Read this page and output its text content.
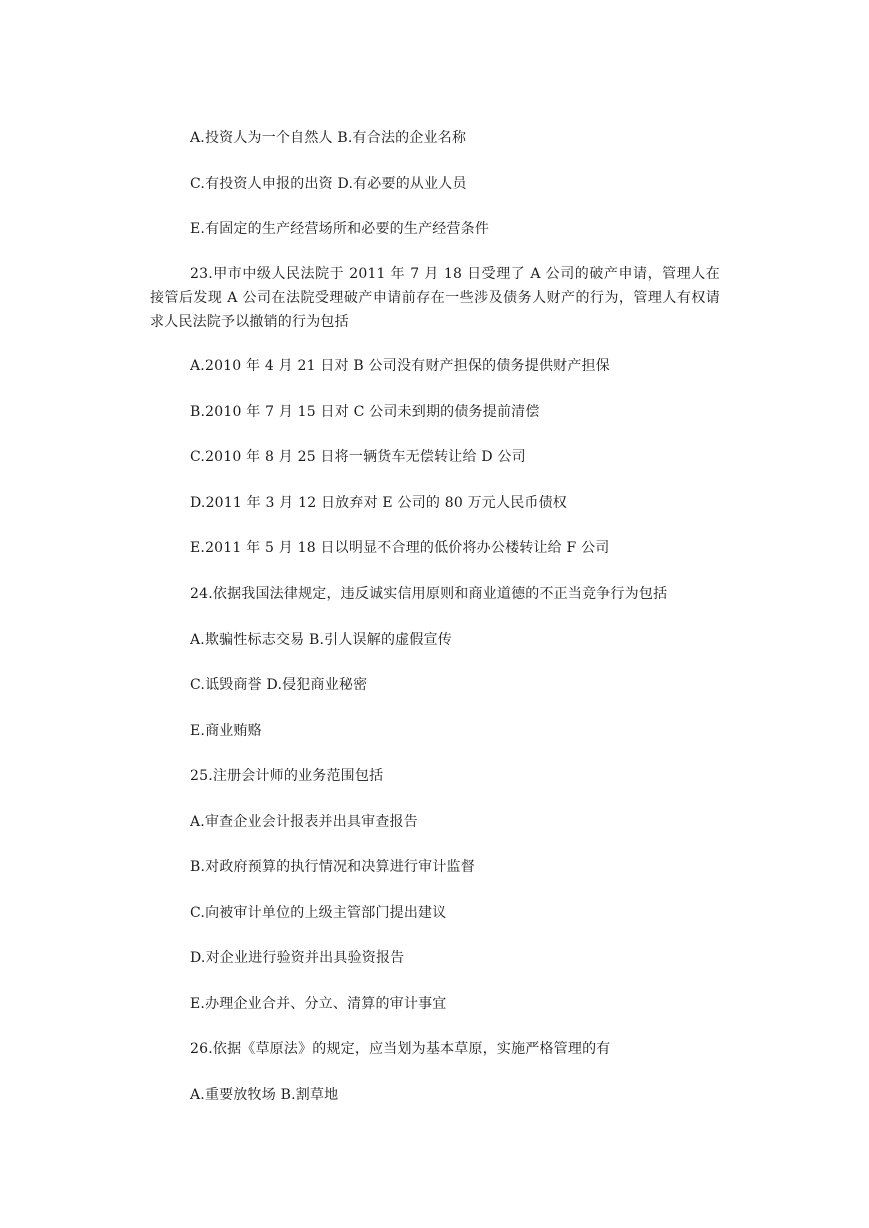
A.投资人为一个自然人 B.有合法的企业名称
C.有投资人申报的出资 D.有必要的从业人员
E.有固定的生产经营场所和必要的生产经营条件
23.甲市中级人民法院于 2011 年 7 月 18 日受理了 A 公司的破产申请，管理人在接管后发现 A 公司在法院受理破产申请前存在一些涉及债务人财产的行为，管理人有权请求人民法院予以撤销的行为包括
A.2010 年 4 月 21 日对 B 公司没有财产担保的债务提供财产担保
B.2010 年 7 月 15 日对 C 公司未到期的债务提前清偿
C.2010 年 8 月 25 日将一辆货车无偿转让给 D 公司
D.2011 年 3 月 12 日放弃对 E 公司的 80 万元人民币债权
E.2011 年 5 月 18 日以明显不合理的低价将办公楼转让给 F 公司
24.依据我国法律规定，违反诚实信用原则和商业道德的不正当竞争行为包括
A.欺骗性标志交易 B.引人误解的虚假宣传
C.诋毁商誉 D.侵犯商业秘密
E.商业贿赂
25.注册会计师的业务范围包括
A.审查企业会计报表并出具审查报告
B.对政府预算的执行情况和决算进行审计监督
C.向被审计单位的上级主管部门提出建议
D.对企业进行验资并出具验资报告
E.办理企业合并、分立、清算的审计事宜
26.依据《草原法》的规定，应当划为基本草原，实施严格管理的有
A.重要放牧场 B.割草地
